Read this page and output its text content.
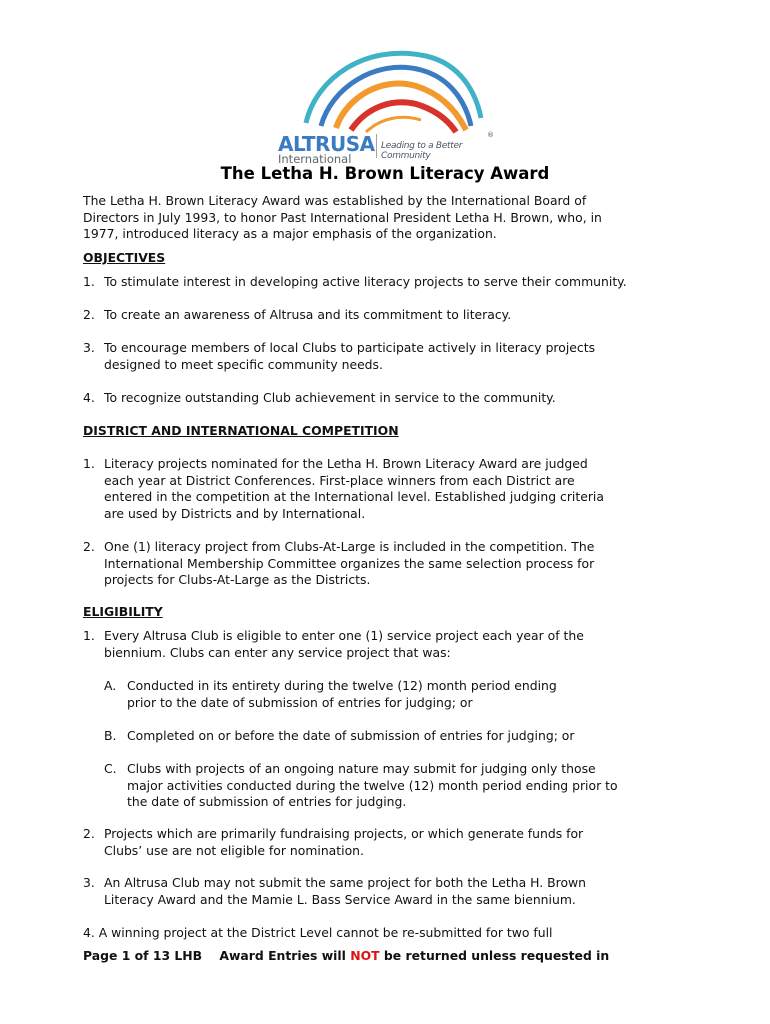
ALTRUSA Leading to a Better Community
®
International
The Letha H. Brown Literacy Award
The Letha H. Brown Literacy Award was established by the International Board of
Directors in July 1993, to honor Past International President Letha H. Brown, who, in
1977, introduced literacy as a major emphasis of the organization.
OBJECTIVES
1. To stimulate interest in developing active literacy projects to serve their community.
2. To create an awareness of Altrusa and its commitment to literacy.
3. To encourage members of local Clubs to participate actively in literacy projects
designed to meet specific community needs.
4. To recognize outstanding Club achievement in service to the community.
DISTRICT AND INTERNATIONAL COMPETITION
1. Literacy projects nominated for the Letha H. Brown Literacy Award are judged
each year at District Conferences. First-place winners from each District are
entered in the competition at the International level. Established judging criteria
are used by Districts and by International.
2. One (1) literacy project from Clubs-At-Large is included in the competition. The
International Membership Committee organizes the same selection process for
projects for Clubs-At-Large as the Districts.
ELIGIBILITY
1. Every Altrusa Club is eligible to enter one (1) service project each year of the
biennium. Clubs can enter any service project that was:
A. Conducted in its entirety during the twelve (12) month period ending
prior to the date of submission of entries for judging; or
B. Completed on or before the date of submission of entries for judging; or
C. Clubs with projects of an ongoing nature may submit for judging only those
major activities conducted during the twelve (12) month period ending prior to
the date of submission of entries for judging.
2. Projects which are primarily fundraising projects, or which generate funds for
Clubs’ use are not eligible for nomination.
3. An Altrusa Club may not submit the same project for both the Letha H. Brown
Literacy Award and the Mamie L. Bass Service Award in the same biennium.
4. A winning project at the District Level cannot be re-submitted for two full
Page 1 of 13 LHB Award Entries will NOT be returned unless requested in
